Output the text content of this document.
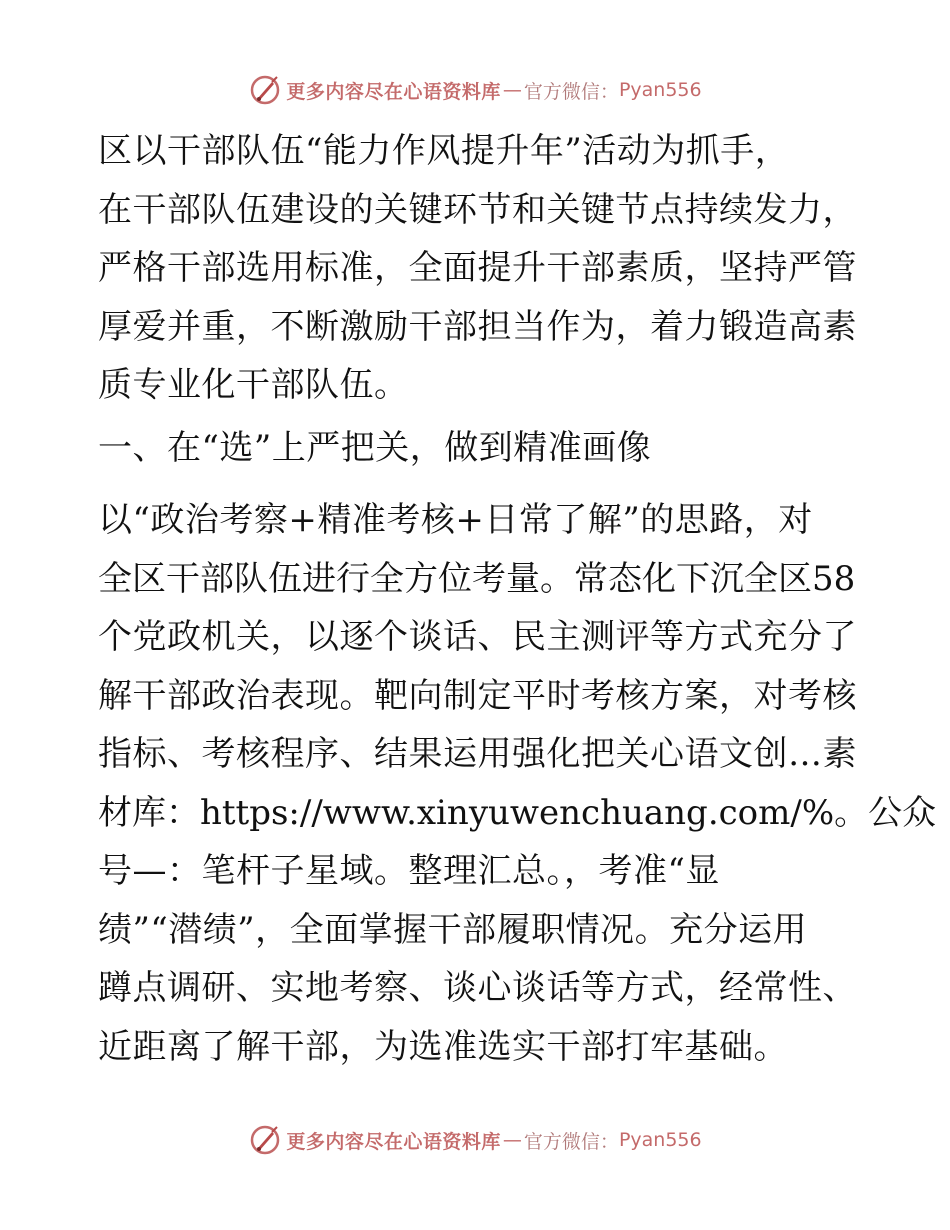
更多内容尽在心语资料库 — 官方微信： Pyan556
区以干部队伍“能力作风提升年”活动为抓手，
在干部队伍建设的关键环节和关键节点持续发力，
严格干部选用标准，全面提升干部素质，坚持严管
厚爱并重，不断激励干部担当作为，着力锻造高素
质专业化干部队伍。
一、在“选”上严把关，做到精准画像
以“政治考察+精准考核+日常了解”的思路，对
全区干部队伍进行全方位考量。常态化下沉全区58
个党政机关，以逐个谈话、民主测评等方式充分了
解干部政治表现。靶向制定平时考核方案，对考核
指标、考核程序、结果运用强化把关心语文创…素
材库：https://www.xinyuwenchuang.com/%。公众
号—：笔杆子星域。整理汇总。，考准“显
绩”“潜绩”，全面掌握干部履职情况。充分运用
蹲点调研、实地考察、谈心谈话等方式，经常性、
近距离了解干部，为选准选实干部打牢基础。
更多内容尽在心语资料库 — 官方微信： Pyan556
